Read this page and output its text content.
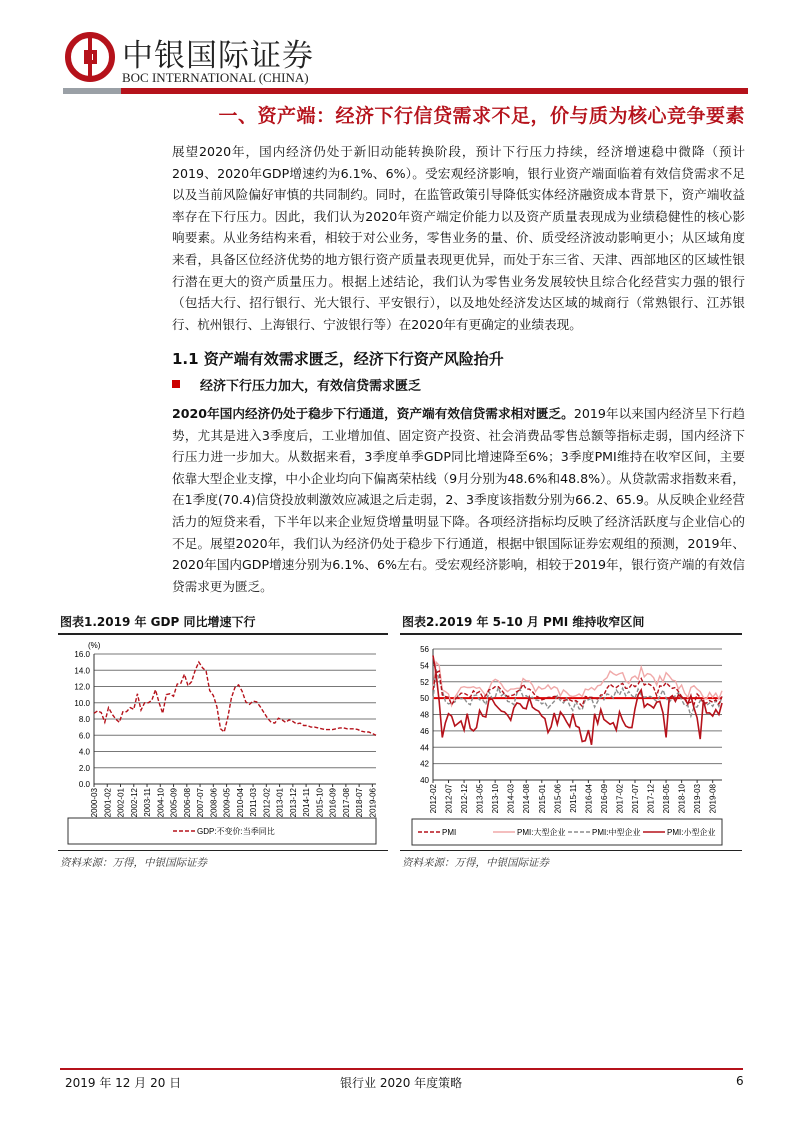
中银国际证券
BOC INTERNATIONAL (CHINA)
一、资产端：经济下行信贷需求不足，价与质为核心竞争要素
展望2020年，国内经济仍处于新旧动能转换阶段，预计下行压力持续，经济增速稳中微降（预计2019、2020年GDP增速约为6.1%、6%）。受宏观经济影响，银行业资产端面临着有效信贷需求不足以及当前风险偏好审慎的共同制约。同时，在监管政策引导降低实体经济融资成本背景下，资产端收益率存在下行压力。因此，我们认为2020年资产端定价能力以及资产质量表现成为业绩稳健性的核心影响要素。从业务结构来看，相较于对公业务，零售业务的量、价、质受经济波动影响更小；从区域角度来看，具备区位经济优势的地方银行资产质量表现更优异，而处于东三省、天津、西部地区的区域性银行潜在更大的资产质量压力。根据上述结论，我们认为零售业务发展较快且综合化经营实力强的银行（包括大行、招行银行、光大银行、平安银行），以及地处经济发达区域的城商行（常熟银行、江苏银行、杭州银行、上海银行、宁波银行等）在2020年有更确定的业绩表现。
1.1 资产端有效需求匮乏，经济下行资产风险抬升
经济下行压力加大，有效信贷需求匮乏
2020年国内经济仍处于稳步下行通道，资产端有效信贷需求相对匮乏。2019年以来国内经济呈下行趋势，尤其是进入3季度后，工业增加值、固定资产投资、社会消费品零售总额等指标走弱，国内经济下行压力进一步加大。从数据来看，3季度单季GDP同比增速降至6%；3季度PMI维持在收窄区间，主要依靠大型企业支撑，中小企业均向下偏离荣枯线（9月分别为48.6%和48.8%）。从贷款需求指数来看，在1季度(70.4)信贷投放刺激效应减退之后走弱，2、3季度该指数分别为66.2、65.9。从反映企业经营活力的短贷来看，下半年以来企业短贷增量明显下降。各项经济指标均反映了经济活跃度与企业信心的不足。展望2020年，我们认为经济仍处于稳步下行通道，根据中银国际证券宏观组的预测，2019年、2020年国内GDP增速分别为6.1%、6%左右。受宏观经济影响，相较于2019年，银行资产端的有效信贷需求更为匮乏。
图表1.2019 年 GDP 同比增速下行
0.0
2.0
4.0
6.0
8.0
10.0
12.0
14.0
16.0
(%)
2000-03 2001-02 2002-01 2002-12 2003-11 2004-10 2005-09 2006-08 2007-07 2008-06 2009-05 2010-04 2011-03 2012-02 2013-01 2013-12 2014-11 2015-10 2016-09 2017-08 2018-07 2019-06
GDP:不变价:当季同比
资料来源：万得，中银国际证券
图表2.2019 年 5-10 月 PMI 维持收窄区间
40
42
44
46
48
50
52
54
56
2012-02 2012-07 2012-12 2013-05 2013-10 2014-03 2014-08 2015-01 2015-06 2015-11 2016-04 2016-09 2017-02 2017-07 2017-12 2018-05 2018-10 2019-03 2019-08
PMI	PMI:大型企业	PMI:中型企业	PMI:小型企业
资料来源：万得，中银国际证券
2019 年 12 月 20 日	银行业 2020 年度策略	6
